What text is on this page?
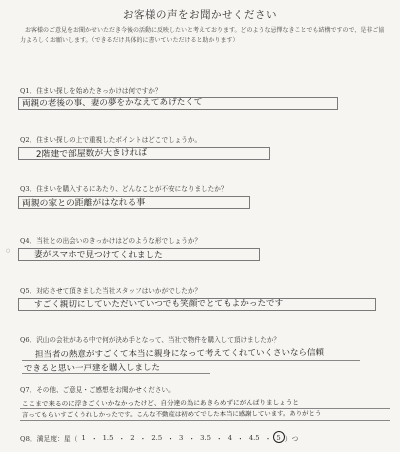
お客様の声をお聞かせください

お客様のご意見をお聞かせいただき今後の活動に反映したいと考えております。どのような忌憚なきことでも結構ですので、是非ご協力よろしくお願いします。（できるだけ具体的に書いていただけると助かります）

Q1．住まい探しを始めたきっかけは何ですか？
両親の老後の事、妻の夢をかなえてあげたくて
Q2．住まい探しの上で重視したポイントはどこでしょうか。
2階建で部屋数が大きければ
Q3．住まいを購入するにあたり、どんなことが不安になりましたか？
両親の家との距離がはなれる事
○
Q4．当社との出会いのきっかけはどのような形でしょうか？
妻がスマホで見つけてくれました
Q5．対応させて頂きました当社スタッフはいかがでしたか？
すごく親切にしていただいていつでも笑顔でとてもよかったです
Q6．沢山の会社がある中で何が決め手となって、当社で物件を購入して頂けましたか？
担当者の熱意がすごくて本当に親身になって考えてくれていくさいなら信頼
できると思い一戸建を購入しました
Q7．その他、ご意見・ご感想をお聞かせください。
ここまで来るのに浮きごくいかなかったけど、自分達の為にあきらめずにがんばりましょうと
言ってもらいすごくうれしかったです。こんな不動産は初めてでした本当に感謝しています。ありがとう
Q8．満足度：星（ 1 ・ 1.5 ・ 2 ・ 2.5 ・ 3 ・ 3.5 ・ 4 ・ 4.5 ・ 5 ）つ
